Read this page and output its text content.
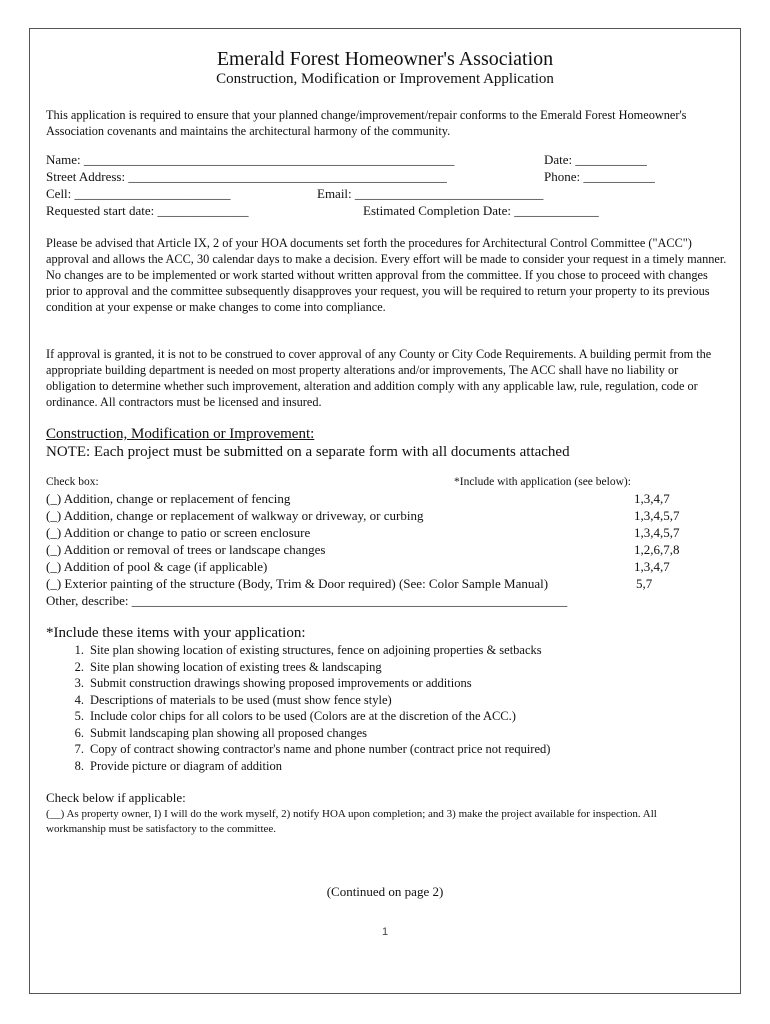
Emerald Forest Homeowner's Association
Construction, Modification or Improvement Application
This application is required to ensure that your planned change/improvement/repair conforms to the Emerald Forest Homeowner's Association covenants and maintains the architectural harmony of the community.
Name: _________________________________________________________	Date: ___________
Street Address: _________________________________________________	Phone: ___________
Cell: ________________________	Email: _____________________________
Requested start date: ______________	Estimated Completion Date: _____________
Please be advised that Article IX, 2 of your HOA documents set forth the procedures for Architectural Control Committee ("ACC") approval and allows the ACC, 30 calendar days to make a decision. Every effort will be made to consider your request in a timely manner. No changes are to be implemented or work started without written approval from the committee. If you chose to proceed with changes prior to approval and the committee subsequently disapproves your request, you will be required to return your property to its previous condition at your expense or make changes to come into compliance.
If approval is granted, it is not to be construed to cover approval of any County or City Code Requirements. A building permit from the appropriate building department is needed on most property alterations and/or improvements, The ACC shall have no liability or obligation to determine whether such improvement, alteration and addition comply with any applicable law, rule, regulation, code or ordinance. All contractors must be licensed and insured.
Construction, Modification or Improvement:
NOTE: Each project must be submitted on a separate form with all documents attached
Check box:	*Include with application (see below):
(_) Addition, change or replacement of fencing	1,3,4,7
(_) Addition, change or replacement of walkway or driveway, or curbing	1,3,4,5,7
(_) Addition or change to patio or screen enclosure	1,3,4,5,7
(_) Addition or removal of trees or landscape changes	1,2,6,7,8
(_) Addition of pool & cage (if applicable)	1,3,4,7
(_) Exterior painting of the structure (Body, Trim & Door required) (See: Color Sample Manual)	5,7
Other, describe: ___________________________________________________________________
*Include these items with your application:
1. Site plan showing location of existing structures, fence on adjoining properties & setbacks
2. Site plan showing location of existing trees & landscaping
3. Submit construction drawings showing proposed improvements or additions
4. Descriptions of materials to be used (must show fence style)
5. Include color chips for all colors to be used (Colors are at the discretion of the ACC.)
6. Submit landscaping plan showing all proposed changes
7. Copy of contract showing contractor's name and phone number (contract price not required)
8. Provide picture or diagram of addition
Check below if applicable:
(__) As property owner, I) I will do the work myself, 2) notify HOA upon completion; and 3) make the project available for inspection. All workmanship must be satisfactory to the committee.
(Continued on page 2)
1
